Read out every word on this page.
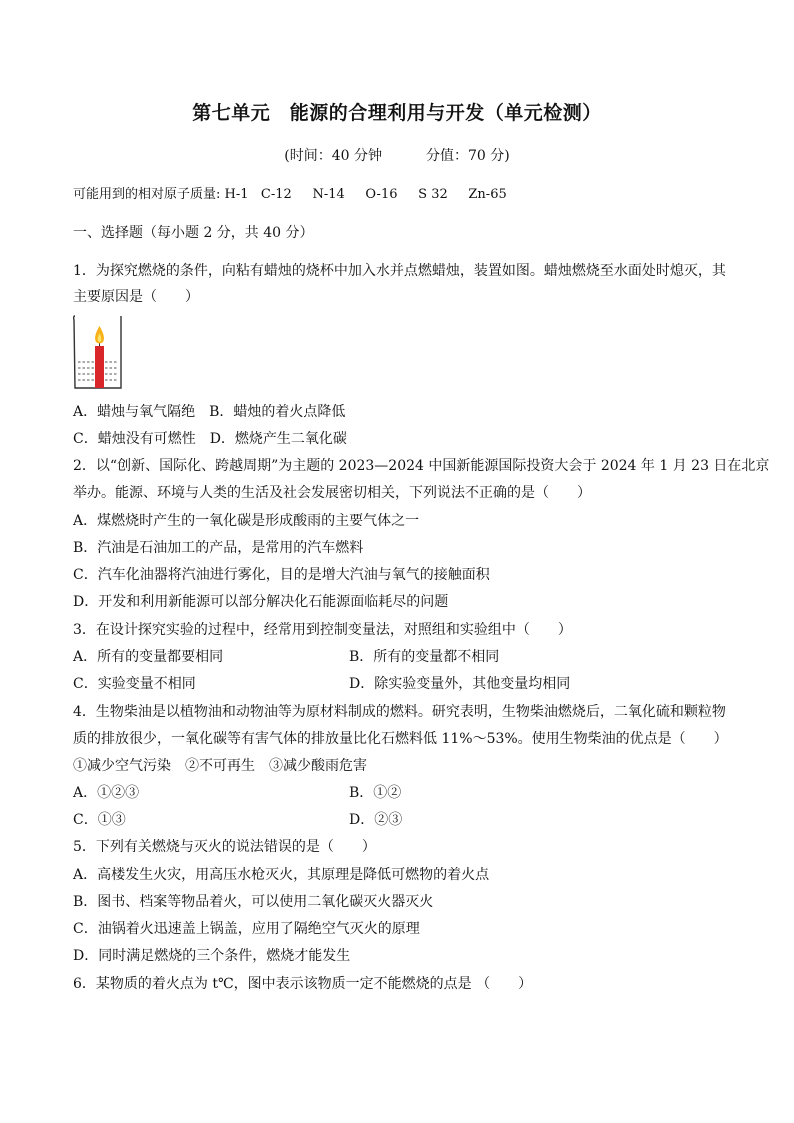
第七单元　能源的合理利用与开发（单元检测）
(时间：40 分钟	分值：70 分)
可能用到的相对原子质量: H-1   C-12     N-14     O-16     S 32     Zn-65
一、选择题（每小题 2 分，共 40 分）
1．为探究燃烧的条件，向粘有蜡烛的烧杯中加入水并点燃蜡烛，装置如图。蜡烛燃烧至水面处时熄灭，其
主要原因是（　　）
A．蜡烛与氧气隔绝　B．蜡烛的着火点降低
C．蜡烛没有可燃性　D．燃烧产生二氧化碳
2．以“创新、国际化、跨越周期”为主题的 2023—2024 中国新能源国际投资大会于 2024 年 1 月 23 日在北京
举办。能源、环境与人类的生活及社会发展密切相关，下列说法不正确的是（　　）
A．煤燃烧时产生的一氧化碳是形成酸雨的主要气体之一
B．汽油是石油加工的产品，是常用的汽车燃料
C．汽车化油器将汽油进行雾化，目的是增大汽油与氧气的接触面积
D．开发和利用新能源可以部分解决化石能源面临耗尽的问题
3．在设计探究实验的过程中，经常用到控制变量法，对照组和实验组中（　　）
A．所有的变量都要相同	B．所有的变量都不相同
C．实验变量不相同	D．除实验变量外，其他变量均相同
4．生物柴油是以植物油和动物油等为原材料制成的燃料。研究表明，生物柴油燃烧后，二氧化硫和颗粒物
质的排放很少，一氧化碳等有害气体的排放量比化石燃料低 11%～53%。使用生物柴油的优点是（　　）
①减少空气污染　②不可再生　③减少酸雨危害
A．①②③	B．①②
C．①③	D．②③
5．下列有关燃烧与灭火的说法错误的是（　　）
A．高楼发生火灾，用高压水枪灭火，其原理是降低可燃物的着火点
B．图书、档案等物品着火，可以使用二氧化碳灭火器灭火
C．油锅着火迅速盖上锅盖，应用了隔绝空气灭火的原理
D．同时满足燃烧的三个条件，燃烧才能发生
6．某物质的着火点为 t℃，图中表示该物质一定不能燃烧的点是 （　　）
